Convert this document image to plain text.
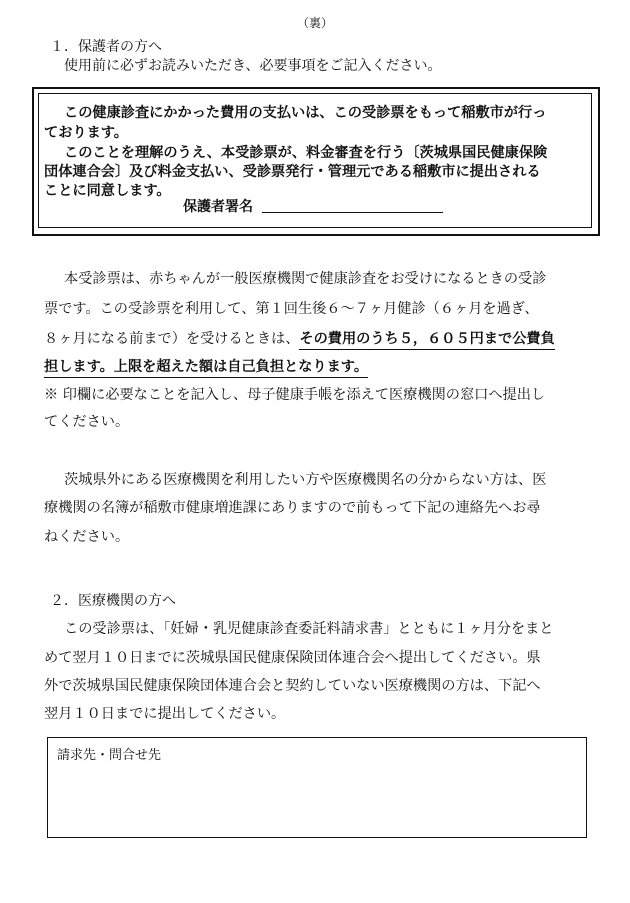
（裏）
１．保護者の方へ
使用前に必ずお読みいただき、必要事項をご記入ください。
この健康診査にかかった費用の支払いは、この受診票をもって稲敷市が行っ
ております。
このことを理解のうえ、本受診票が、料金審査を行う〔茨城県国民健康保険
団体連合会〕及び料金支払い、受診票発行・管理元である稲敷市に提出される
ことに同意します。
保護者署名
本受診票は、赤ちゃんが一般医療機関で健康診査をお受けになるときの受診
票です。この受診票を利用して、第１回生後６～７ヶ月健診（６ヶ月を過ぎ、
８ヶ月になる前まで）を受けるときは、その費用のうち５，６０５円まで公費負
担します。上限を超えた額は自己負担となります。
※ 印欄に必要なことを記入し、母子健康手帳を添えて医療機関の窓口へ提出し
てください。
茨城県外にある医療機関を利用したい方や医療機関名の分からない方は、医
療機関の名簿が稲敷市健康増進課にありますので前もって下記の連絡先へお尋
ねください。
２．医療機関の方へ
この受診票は、「妊婦・乳児健康診査委託料請求書」とともに１ヶ月分をまと
めて翌月１０日までに茨城県国民健康保険団体連合会へ提出してください。県
外で茨城県国民健康保険団体連合会と契約していない医療機関の方は、下記へ
翌月１０日までに提出してください。
請求先・問合せ先
